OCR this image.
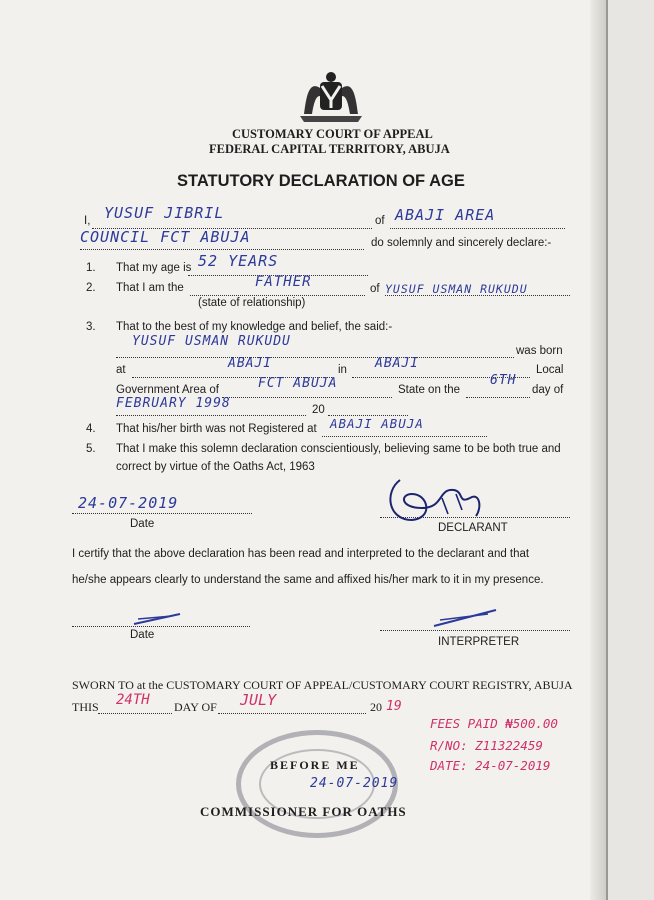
CUSTOMARY COURT OF APPEAL
FEDERAL CAPITAL TERRITORY, ABUJA
STATUTORY DECLARATION OF AGE
I, YUSUF JIBRIL	of ABAJI AREA
COUNCIL FCT ABUJA	do solemnly and sincerely declare:-
1. That my age is 52 YEARS
2. That I am the	FATHER	of YUSUF USMAN RUKUDU
(state of relationship)
3. That to the best of my knowledge and belief, the said:-
YUSUF USMAN RUKUDU
was born
at	ABAJI	in ABAJI	Local
Government Area of	FCT ABUJA	State on the
6TH
day of
FEBRUARY 1998	20
4. That his/her birth was not Registered at ABAJI ABUJA
5. That I make this solemn declaration conscientiously, believing same to be both true and
correct by virtue of the Oaths Act, 1963
24-07-2019
Date	DECLARANT
I certify that the above declaration has been read and interpreted to the declarant and that
he/she appears clearly to understand the same and affixed his/her mark to it in my presence.
Date
INTERPRETER
SWORN TO at the CUSTOMARY COURT OF APPEAL/CUSTOMARY COURT REGISTRY, ABUJA
THIS 24TH DAY OF JULY	20 19
FEES PAID ₦500.00
R/NO: Z11322459
DATE: 24-07-2019
BEFORE ME
24-07-2019
COMMISSIONER FOR OATHS
